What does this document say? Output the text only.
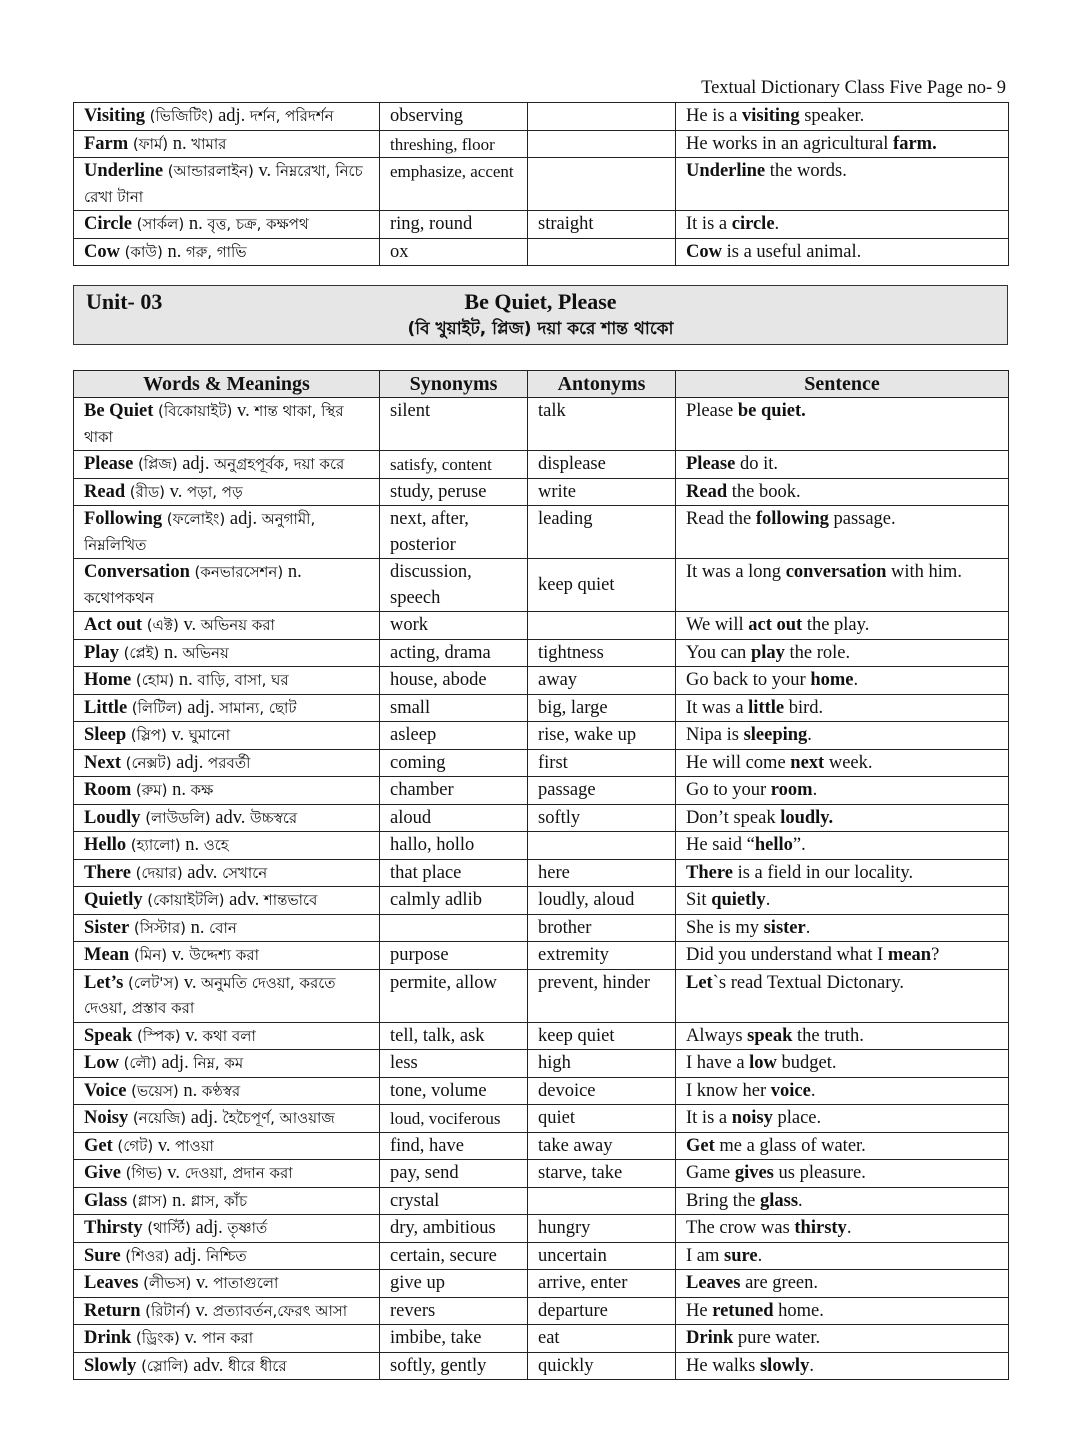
Textual Dictionary Class Five Page no- 9
Visiting (ভিজিটিং) adj. দর্শন, পরিদর্শন	observing		He is a visiting speaker.
Farm (ফার্ম) n. খামার	threshing, floor		He works in an agricultural farm.
Underline (আন্ডারলাইন) v. নিম্নরেখা, নিচে রেখা টানা	emphasize, accent		Underline the words.
Circle (সার্কল) n. বৃত্ত, চক্র, কক্ষপথ	ring, round	straight	It is a circle.
Cow (কাউ) n. গরু, গাভি	ox		Cow is a useful animal.
Unit- 03	Be Quiet, Please
(বি খুয়াইট, প্লিজ) দয়া করে শান্ত থাকো
Words & Meanings	Synonyms	Antonyms	Sentence
Be Quiet (বিকোয়াইট) v. শান্ত থাকা, স্থির থাকা	silent	talk	Please be quiet.
Please (প্লিজ) adj. অনুগ্রহপূর্বক, দয়া করে	satisfy, content	displease	Please do it.
Read (রীড) v. পড়া, পড়	study, peruse	write	Read the book.
Following (ফলোইং) adj. অনুগামী, নিম্নলিখিত	next, after, posterior	leading	Read the following passage.
Conversation (কনভারসেশন) n. কথোপকথন	discussion, speech	keep quiet	It was a long conversation with him.
Act out (এক্ট) v. অভিনয় করা	work		We will act out the play.
Play (প্লেই) n. অভিনয়	acting, drama	tightness	You can play the role.
Home (হোম) n. বাড়ি, বাসা, ঘর	house, abode	away	Go back to your home.
Little (লিটিল) adj. সামান্য, ছোট	small	big, large	It was a little bird.
Sleep (স্লিপ) v. ঘুমানো	asleep	rise, wake up	Nipa is sleeping.
Next (নেক্সট) adj. পরবর্তী	coming	first	He will come next week.
Room (রুম) n. কক্ষ	chamber	passage	Go to your room.
Loudly (লাউডলি) adv. উচ্চস্বরে	aloud	softly	Don’t speak loudly.
Hello (হ্যালো) n. ওহে	hallo, hollo		He said “hello”.
There (দেয়ার) adv. সেখানে	that place	here	There is a field in our locality.
Quietly (কোয়াইটলি) adv. শান্তভাবে	calmly adlib	loudly, aloud	Sit quietly.
Sister (সিস্টার) n. বোন		brother	She is my sister.
Mean (মিন) v. উদ্দেশ্য করা	purpose	extremity	Did you understand what I mean?
Let’s (লেট'স) v. অনুমতি দেওয়া, করতে দেওয়া, প্রস্তাব করা	permite, allow	prevent, hinder	Let`s read Textual Dictonary.
Speak (স্পিক) v. কথা বলা	tell, talk, ask	keep quiet	Always speak the truth.
Low (লৌ) adj. নিম্ন, কম	less	high	I have a low budget.
Voice (ভয়েস) n. কণ্ঠস্বর	tone, volume	devoice	I know her voice.
Noisy (নয়েজি) adj. হৈচৈপূর্ণ, আওয়াজ	loud, vociferous	quiet	It is a noisy place.
Get (গেট) v. পাওয়া	find, have	take away	Get me a glass of water.
Give (গিভ) v. দেওয়া, প্রদান করা	pay, send	starve, take	Game gives us pleasure.
Glass (গ্লাস) n. গ্লাস, কাঁচ	crystal		Bring the glass.
Thirsty (থার্স্টি) adj. তৃষ্ণার্ত	dry, ambitious	hungry	The crow was thirsty.
Sure (শিওর) adj. নিশ্চিত	certain, secure	uncertain	I am sure.
Leaves (লীভস) v. পাতাগুলো	give up	arrive, enter	Leaves are green.
Return (রিটার্ন) v. প্রত্যাবর্তন,ফেরৎ আসা	revers	departure	He retuned home.
Drink (ড্রিংক) v. পান করা	imbibe, take	eat	Drink pure water.
Slowly (স্লোলি) adv. ধীরে ধীরে	softly, gently	quickly	He walks slowly.
